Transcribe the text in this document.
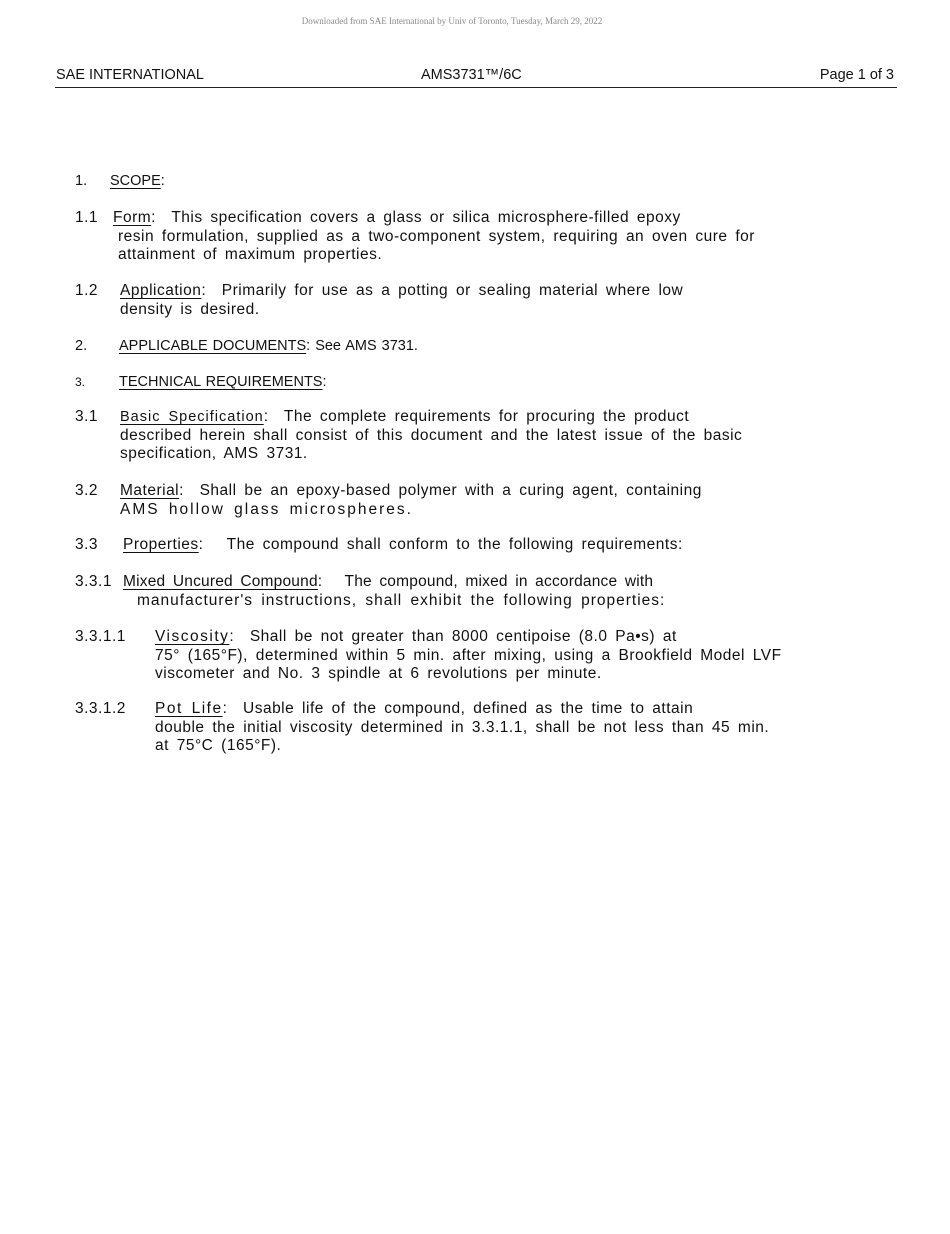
Downloaded from SAE International by Univ of Toronto, Tuesday, March 29, 2022
SAE INTERNATIONAL	AMS3731™/6C	Page 1 of 3
1. SCOPE:
1.1 Form: This specification covers a glass or silica microsphere-filled epoxy
resin formulation, supplied as a two-component system, requiring an oven cure for attainment of maximum properties.
1.2 Application: Primarily for use as a potting or sealing material where low
density is desired.
2. APPLICABLE DOCUMENTS: See AMS 3731.
3. TECHNICAL REQUIREMENTS:
3.1 Basic Specification: The complete requirements for procuring the product
described herein shall consist of this document and the latest issue of the basic specification, AMS 3731.
3.2 Material: Shall be an epoxy-based polymer with a curing agent, containing
AMS hollow glass microspheres.
3.3 Properties: The compound shall conform to the following requirements:
3.3.1 Mixed Uncured Compound: The compound, mixed in accordance with
manufacturer's instructions, shall exhibit the following properties:
3.3.1.1 Viscosity: Shall be not greater than 8000 centipoise (8.0 Pa•s) at
75° (165°F), determined within 5 min. after mixing, using a Brookfield Model LVF viscometer and No. 3 spindle at 6 revolutions per minute.
3.3.1.2 Pot Life: Usable life of the compound, defined as the time to attain
double the initial viscosity determined in 3.3.1.1, shall be not less than 45 min. at 75°C (165°F).
